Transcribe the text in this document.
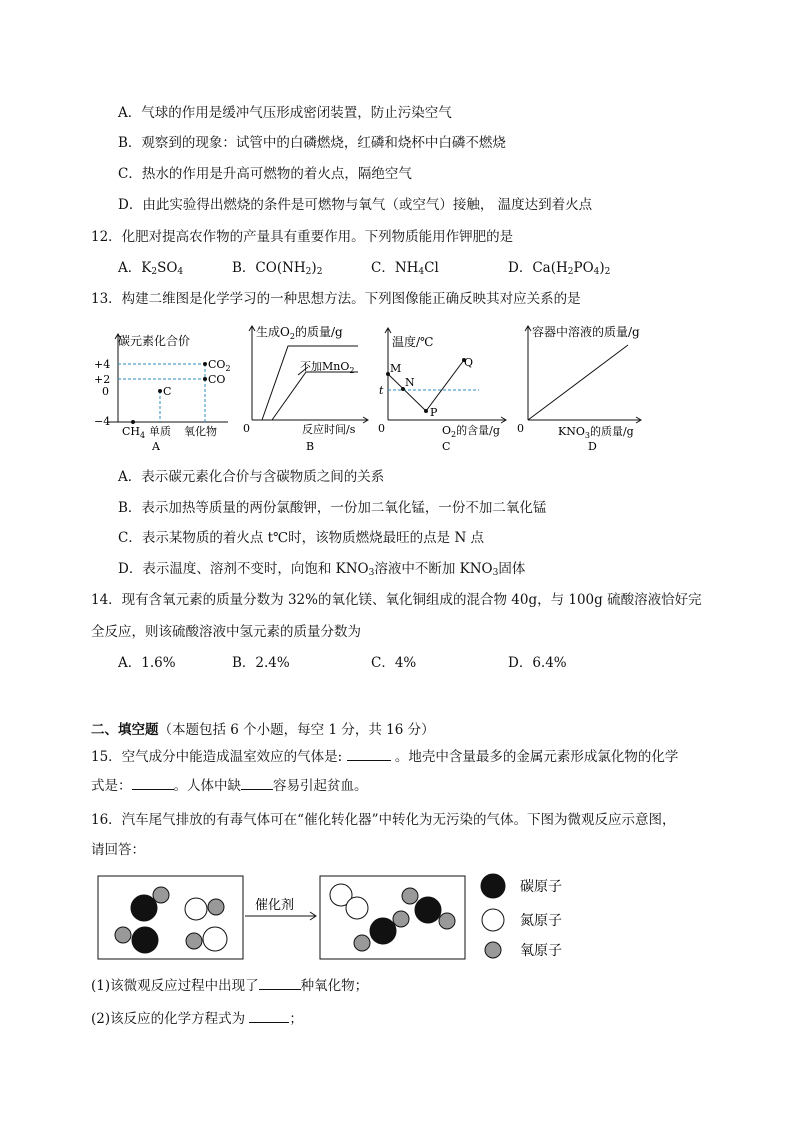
A．气球的作用是缓冲气压形成密闭装置，防止污染空气
B．观察到的现象：试管中的白磷燃烧，红磷和烧杯中白磷不燃烧
C．热水的作用是升高可燃物的着火点，隔绝空气
D．由此实验得出燃烧的条件是可燃物与氧气（或空气）接触， 温度达到着火点
12．化肥对提高农作物的产量具有重要作用。下列物质能用作钾肥的是
A．$K_2SO_4$	B．$CO(NH_2)_2$	C．$NH_4Cl$	D．$Ca(H_2PO_4)_2$
13．构建二维图是化学学习的一种思想方法。下列图像能正确反映其对应关系的是
碳元素化合价
+4
+2
0
−4
C
$CO_2$
CO
$CH_4$ 单质 氧化物
A
生成$O_2$的质量/g
不加MnO$_2$
0	反应时间/s
B
温度/℃
M
N
P
Q
t
0	$O_2$的含量/g
C
容器中溶液的质量/g
0	$KNO_3$的质量/g
D
A．表示碳元素化合价与含碳物质之间的关系
B．表示加热等质量的两份氯酸钾，一份加二氧化锰，一份不加二氧化锰
C．表示某物质的着火点 t℃时，该物质燃烧最旺的点是 N 点
D．表示温度、溶剂不变时，向饱和 $KNO_3$溶液中不断加 $KNO_3$固体
14．现有含氧元素的质量分数为 32%的氧化镁、氧化铜组成的混合物 40g，与 100g 硫酸溶液恰好完
全反应，则该硫酸溶液中氢元素的质量分数为
A．1.6%	B．2.4%	C．4%	D．6.4%
二、填空题（本题包括 6 个小题，每空 1 分，共 16 分）
15．空气成分中能造成温室效应的气体是:	。地壳中含量最多的金属元素形成氯化物的化学
式是：	。人体中缺 容易引起贫血。
16．汽车尾气排放的有毒气体可在“催化转化器”中转化为无污染的气体。下图为微观反应示意图，
请回答：
催化剂
碳原子
氮原子
氧原子
(1)该微观反应过程中出现了	种氧化物；
(2)该反应的化学方程式为	；
